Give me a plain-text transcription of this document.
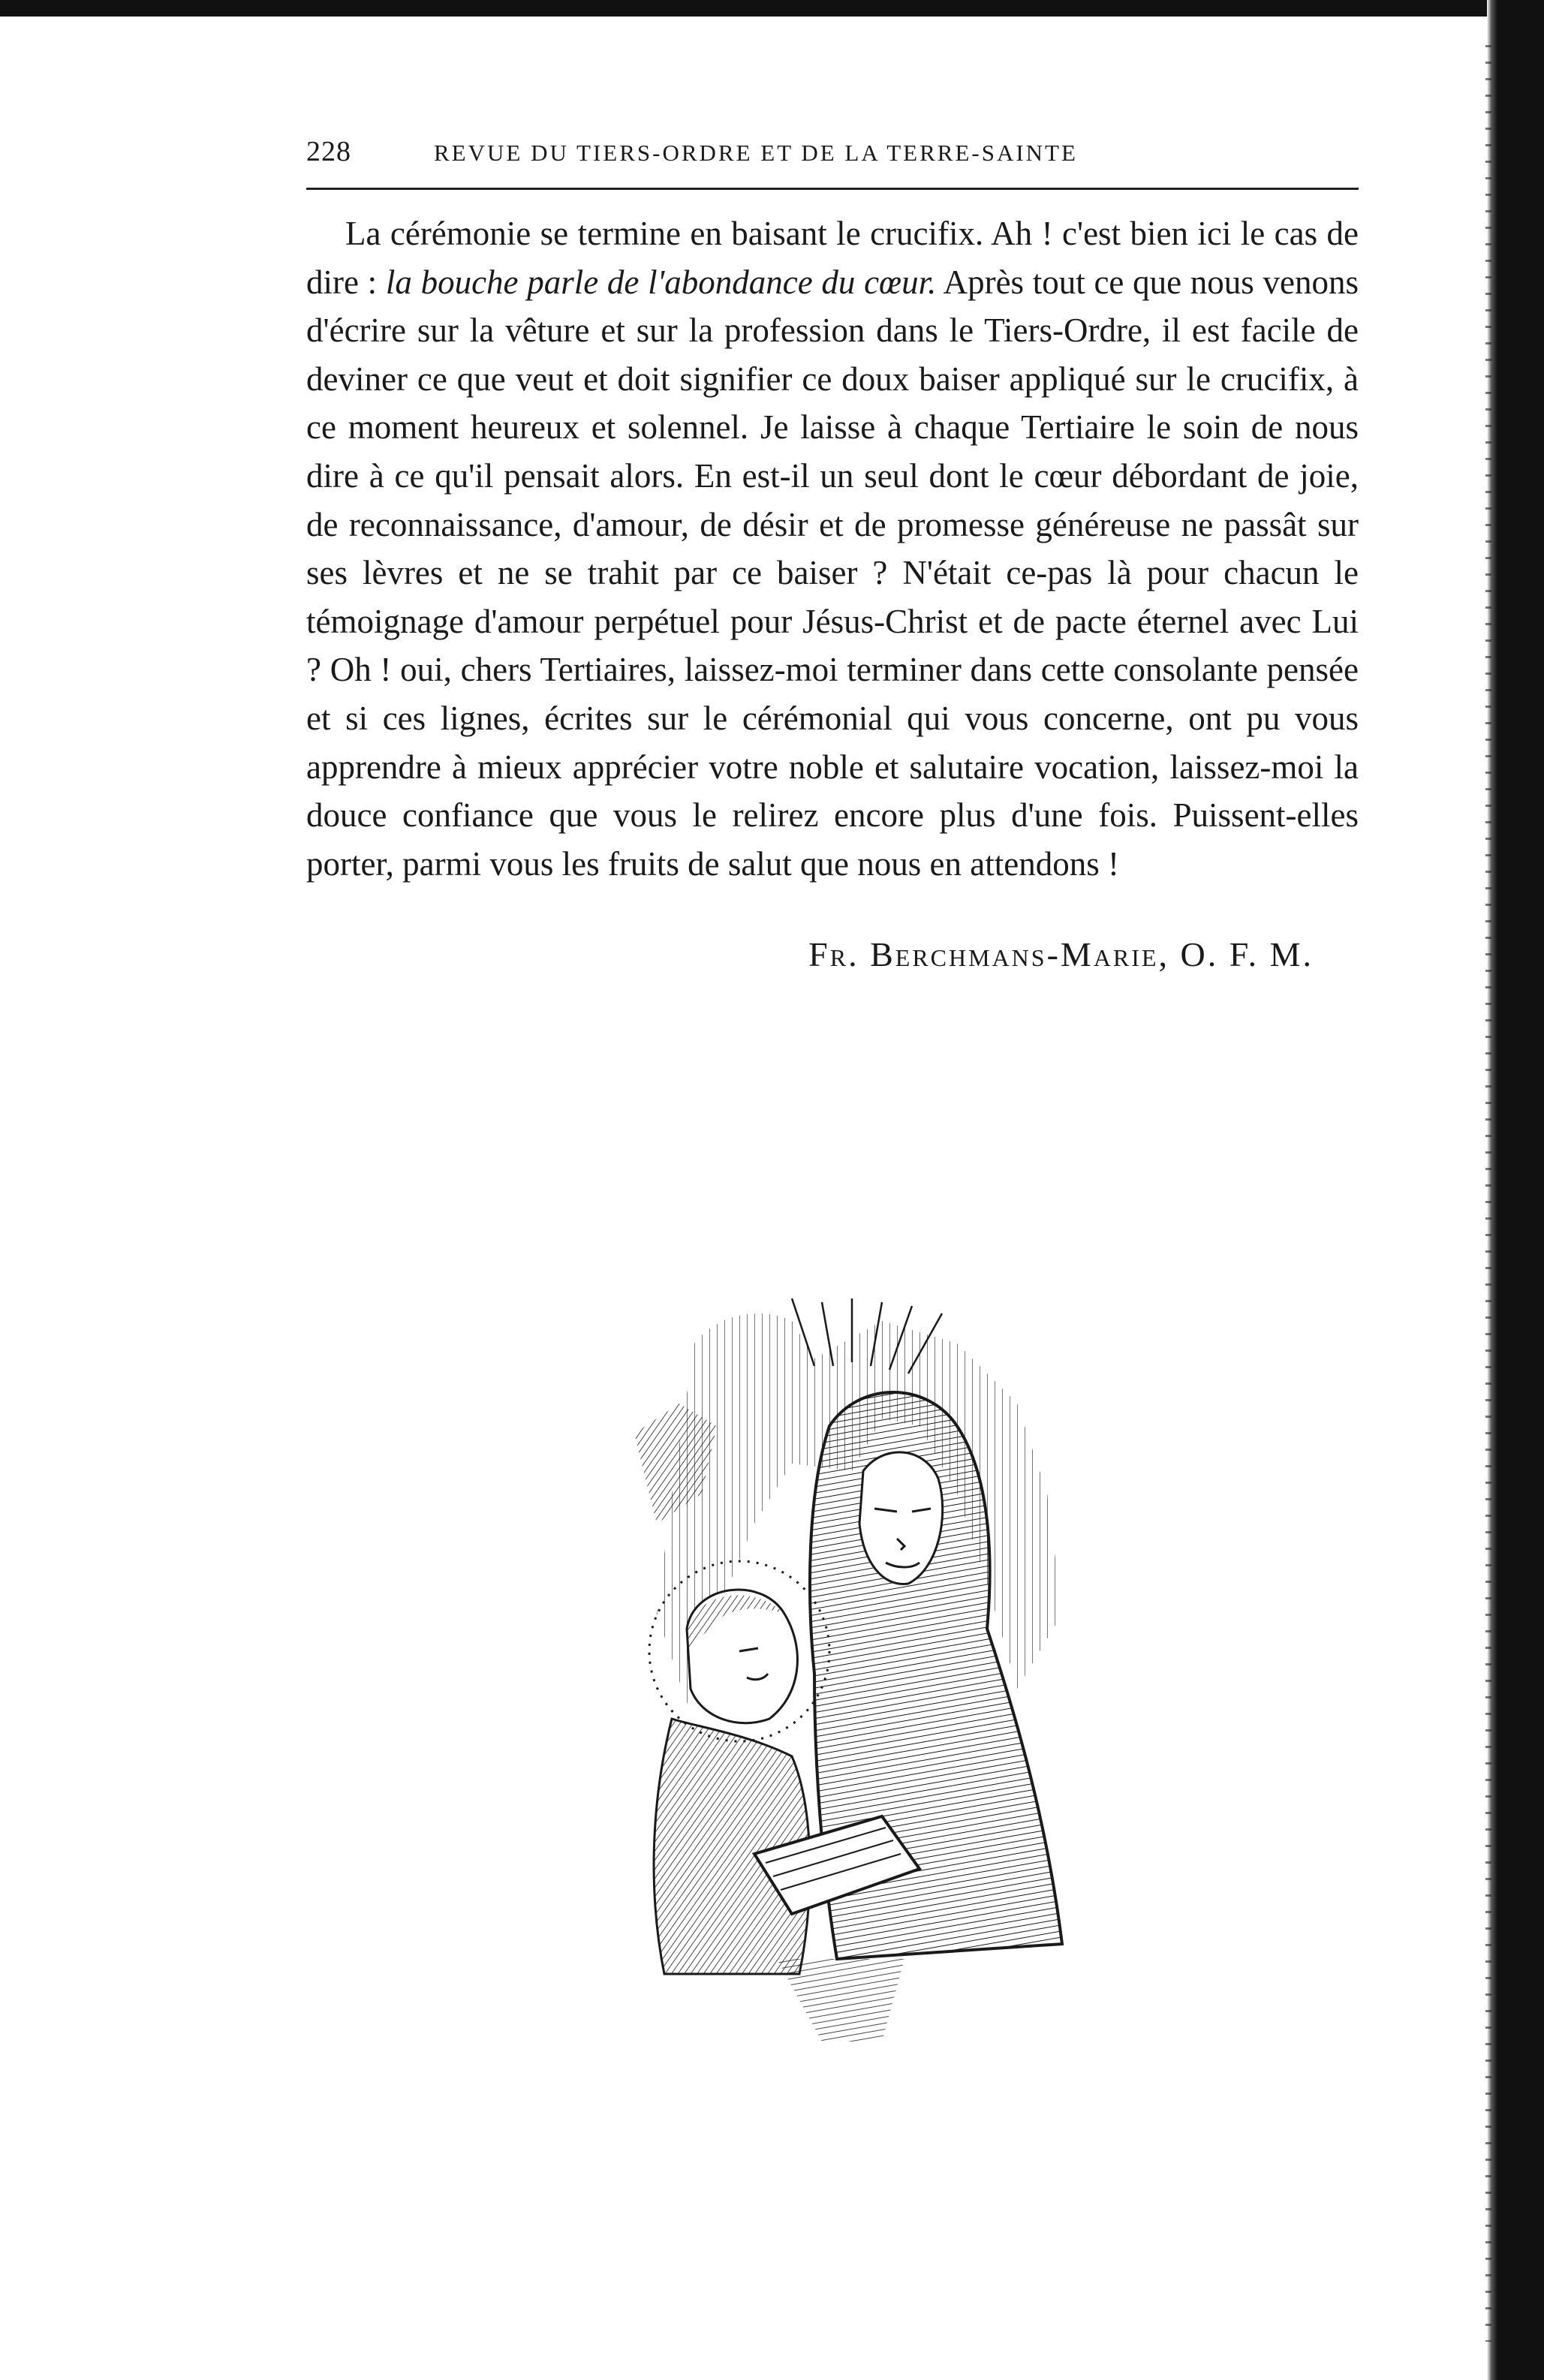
228	REVUE DU TIERS-ORDRE ET DE LA TERRE-SAINTE

La cérémonie se termine en baisant le crucifix. Ah ! c'est bien ici le cas de dire : la bouche parle de l'abondance du cœur. Après tout ce que nous venons d'écrire sur la vêture et sur la profession dans le Tiers-Ordre, il est facile de deviner ce que veut et doit signifier ce doux baiser appliqué sur le crucifix, à ce moment heureux et solennel. Je laisse à chaque Tertiaire le soin de nous dire à ce qu'il pensait alors. En est-il un seul dont le cœur débordant de joie, de reconnaissance, d'amour, de désir et de promesse généreuse ne passât sur ses lèvres et ne se trahit par ce baiser ? N'était ce-pas là pour chacun le témoignage d'amour perpétuel pour Jésus-Christ et de pacte éternel avec Lui ? Oh ! oui, chers Tertiaires, laissez-moi terminer dans cette consolante pensée et si ces lignes, écrites sur le cérémonial qui vous concerne, ont pu vous apprendre à mieux apprécier votre noble et salutaire vocation, laissez-moi la douce confiance que vous le relirez encore plus d'une fois. Puissent-elles porter, parmi vous les fruits de salut que nous en attendons !

Fr. Berchmans-Marie, O. F. M.
